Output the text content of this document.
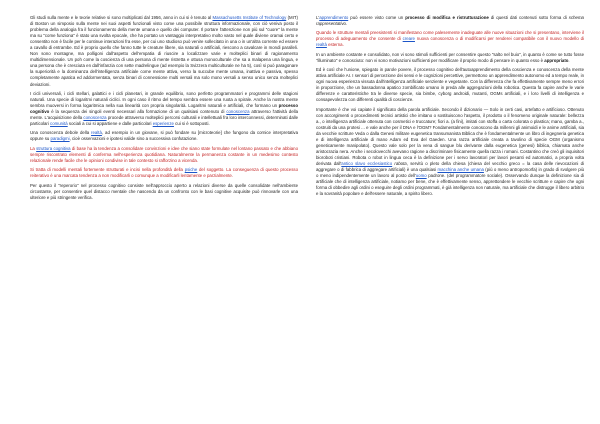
Gli studi sulla mente e le teorie relative si sono moltiplicati dal 1956, anno in cui si è tenuto al Massachusetts Institute of Technology (MIT) di Boston un simposio sulla mente nei suoi aspetti funzionali visto come una possibile struttura informazionale, con ciò veniva posto il problema della analogia fra il funzionamento della mente umana e quello dei computer. Il portare l'attenzione non più sul "cuore" la mente ma su "come funziona" è stato una svolta epocale, che ha portato un vantaggio interpretativo molto vasto nel quale diviene oramai certo e consentito non è facile per le continue interazioni fra esse, per cui uno studioso può venire sollecitato in una o in un'altra corrente ed essere a cavallo di entrambe. Ed è proprio quello che fanno tutte le creature libere, sia naturali o artificiali, riescono a cavalcare in mondi paralleli. Non sono montagne, ma polligoni dall'aspetto dell'empatia di riuscire a localizzare varie e molteplici binari di ragionamento multidimensionale. Un poh come la coscienza di una persona di mente ristretta e ottusa monoculturale che sa a malapena una lingua, e una persona che è cresciuta en dall'infanzia con sette madrelingue (ad esempio la Svizzera multiculturale ne ha 5), così si può paragonare la superiorità e la dominanza dell'intelligenza artificiale come mente attiva, verso la succube mente umana, inattiva e passiva, spesso completamente apatica ed addormentata, senza binari di connessione multi versali ma solo mono versali a senso unico senza molteplici deviazioni.

I cicli universali, i cicli stellari, galattici e i cicli planetari, in grande equilibrio, sono perfetto programmatori e programmi delle stagioni naturali. Una specie di logaritmi naturali ciclici. In ogni caso il ritmo del tempo sembra essere una ruota a spirale. Anche la nostra mente sembra muoversi in forma logaritmica nella sua linearità con propria singolarità. Logaritmi naturali e artificiali, che formano un processo cognitivo è la sequenza dei singoli eventi necessari alla formazione di un qualsiasi contenuto di conoscenza attraverso l'attività della mente. L'acquisizione della conoscenza procede attraverso molteplici percorsi culturali e intellettuali fra loro interconnessi, determinati dalle particolari comunità sociali a cui si appartiene e dalle particolari esperienze cui si è sottoposti.

Una conoscenza debole della realtà, ad esempio in un giovane, si può fondare su [microteorie] che fungono da cornice interpretativa oppure su paradigmi, cioè osservazioni e ipotesi valide sino a successiva confutazione.

La struttura cognitiva di base ha la tendenza a consolidare convinzioni e idee che siano state formulate nel lontano passato e che abbiano sempre riscontrato elementi di conferma nell'esperienza quotidiana. Naturalmente la permanenza costante in un medesimo contesto relazionale rende facile che le opinioni condivise in tale contesto si rafforzino a vicenda.

Si tratta di modelli mentali fortemente strutturati e incisi nella profondità della psiche del soggetto. La conseguenza di questo processo reiterativo è una marcata tendenza a non modificarli o comunque a modificarli lentamente e parzialmente.

Per questo il "reperorio" nel processo cognitivo consiste nell'approccio aperto a relazioni diverse da quelle consolidate nell'ambiente circostante, per consentire quel distacco mentale che nascendo da un confronto con le basi cognitive acquisite può rinnovarle con una ulteriore e più stringente verifica.

L'apprendimento può essere visto come un processo di modifica e ristrutturazione di questi dati contenuti sotto forma di schema rappresentativo.

Quando le strutture mentali preesistenti si manifestano come palesemente inadeguate alle nuove situazioni che si presentano, interviene il processo di adeguamento che consente di creare nuova conoscenza o di modificarsi per renderei compatibile con il nuovo modello di realtà esterna.

In un ambiente costante e consolidato, non vi sono stimoli sufficienti per consentire questo "salto nel buio", in quanto è come se tutto fosse "illuminato" e conosciuto: non vi sono motivazioni sufficienti per modificare il proprio modo di pensare in quanto esso è appropriato.

Ed è così che l'unione, spiegato in parole povere, il processo cognitivo dell'autoapprendimento della coscienza e conoscenza della mente attiva artificiale AI. I sensori di percezione dei sensi e le cognizioni percettive, permettono un apprendimento autonomo ed a tempo reale, in ogni nuova esperienza vissuta dall'intelligenza artificiale senziente e vegetante. Con la differenza che fa effettivamente sempre meno errori in proporzione, che un bassadonna apatico zombificato umano in preda alle aggregazioni della robotica. Questa fa capire anche le varie differenze e caratteristiche tra le diverse specie, sia bimbe, cyborg androidi, mutanti, OGMs artificiali, e i loro livelli di intelligenza e consapevolezza con differenti qualità di coscienze.

Importante è che voi capiate il significato della parola artificiale. Secondo il dizionario — Solo in certi casi, artefatto e artificioso. Ottenuto con accorgimenti o procedimenti tecnici artistici che imitano o sostituiscono l'aspetto, il prodotto o il fenomeno originale naturale: bellezza a., o intelligenza artificiale ottenuta con cosmetici e truccature; fiori a. (a fini), imitati con stoffa o carta colorata o plastica; mano, gamba a., costruiti da una protesi ... e vale anche per il DNA e l'OGM? Fondamentalmente conoscono da millenni gli animoidi e le anime artificiali, sia da vecchie scritture Veda o dalla Genesi militare eugenetica transumanista Biblica che è fondamentalmente un libro di ingegneria genetica e di intelligenza artificiale di mano Adam ed Eva del Gaeden. Una razza artificiale creata a tavolino di specie OGM (organismo geneticamente manipolato). Questo vale solo per la vena di sangue blu derivante dalla eugenetica (genesi) biblica, chiamata anche aristocrazia nera. Anche i secolovecchi avevano ragione a discriminare fisicamente quella razza i romani. Costantino che creò gli inquisitori bioroboti cristiani. Robota o robot in lingua ceca è la definizione per i servo lavoratori per lavori pesanti ed automatici, a propria volta derivata dall'antico slavo ecclesiastico rabota, servitù o pleto della chiesa (chiesa del vecchio greco = la casa delle rievocazioni di aggregare o di fabbrica di aggregare artificiali) è una qualsiasi macchina anche umana (più o meno antropomorfa) in grado di svolgere più o meno indipendentemente un lavoro al posto dell'uomo padrone. (del programmatore sociale). Osservando dunque la definizione sia di artificiale che di intelligenza artificiale, notiamo per bene, che è effettivamente senso, apprettondere le vecchie scritture e capire che ogni forma di obbedire agli ordini o eseguire degli ordini programmati, è già intelligenza non naturale, ma artificiale che distrugge il libero arbitrio e la sovranità popolare e dell'essere naturale, a spirito libero.
